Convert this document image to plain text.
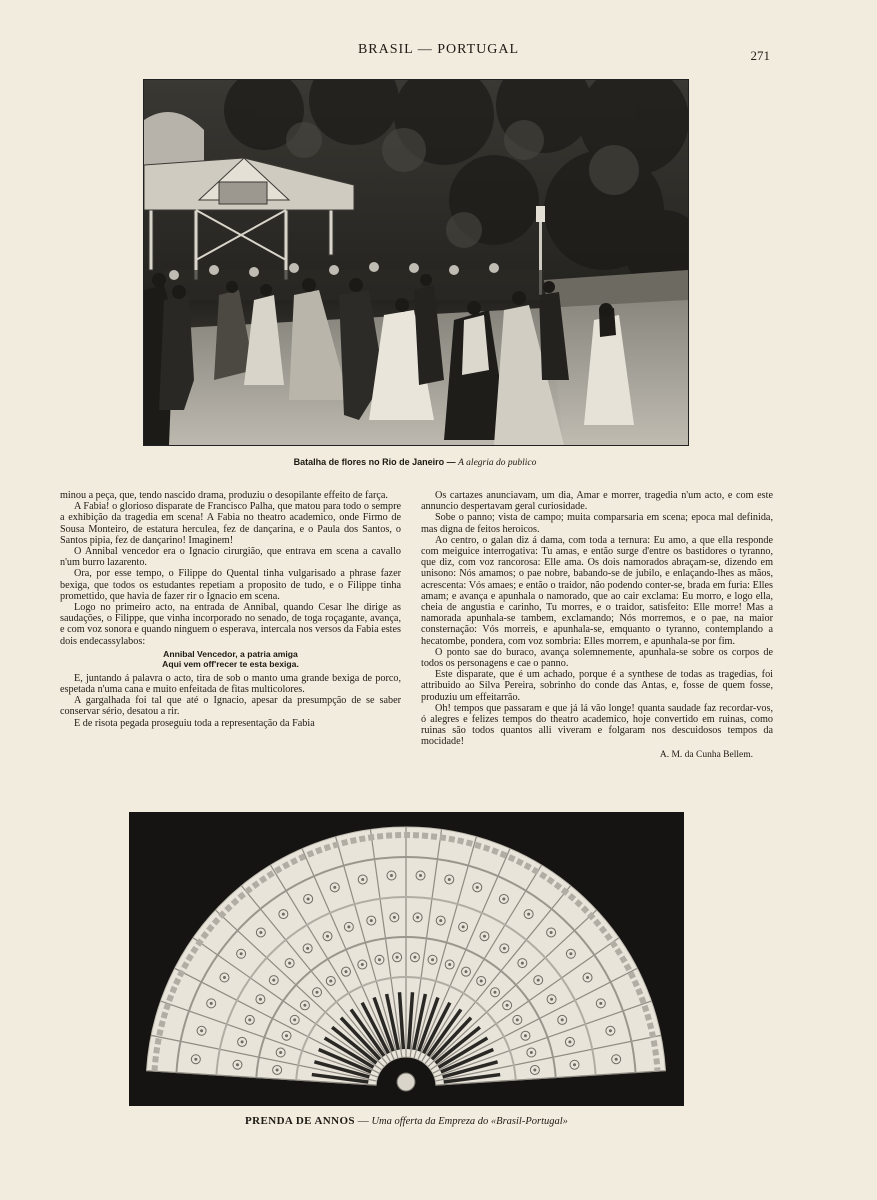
BRASIL — PORTUGAL	271
Batalha de flores no Rio de Janeiro — A alegria do publico

minou a peça, que, tendo nascido drama, produziu o desopilante effeito de farça.

A Fabia! o glorioso disparate de Francisco Palha, que matou para todo o sempre a exhibição da tragedia em scena! A Fabia no theatro academico, onde Firmo de Sousa Monteiro, de estatura herculea, fez de dançarina, e o Paula dos Santos, o Santos pipia, fez de dançarino! Imaginem!

O Annibal vencedor era o Ignacio cirurgião, que entrava em scena a cavallo n'um burro lazarento.

Ora, por esse tempo, o Filippe do Quental tinha vulgarisado a phrase fazer bexiga, que todos os estudantes repetiam a proposito de tudo, e o Filippe tinha promettido, que havia de fazer rir o Ignacio em scena.

Logo no primeiro acto, na entrada de Annibal, quando Cesar lhe dirige as saudações, o Filippe, que vinha incorporado no senado, de toga roçagante, avança, e com voz sonora e quando ninguem o esperava, intercala nos versos da Fabia estes dois endecassylabos:

Annibal Vencedor, a patria amiga
Aqui vem off'recer te esta bexiga.

E, juntando á palavra o acto, tira de sob o manto uma grande bexiga de porco, espetada n'uma cana e muito enfeitada de fitas multicolores.

A gargalhada foi tal que até o Ignacio, apesar da presumpção de se saber conservar sério, desatou a rir.

E de risota pegada proseguiu toda a representação da Fabia

Os cartazes anunciavam, um dia, Amar e morrer, tragedia n'um acto, e com este annuncio despertavam geral curiosidade.

Sobe o panno; vista de campo; muita comparsaria em scena; epoca mal definida, mas digna de feitos heroicos.

Ao centro, o galan diz á dama, com toda a ternura: Eu amo, a que ella responde com meiguice interrogativa: Tu amas, e então surge d'entre os bastidores o tyranno, que diz, com voz rancorosa: Elle ama. Os dois namorados abraçam-se, dizendo em unisono: Nós amamos; o pae nobre, babando-se de jubilo, e enlaçando-lhes as mãos, acrescenta: Vós amaes; e então o traidor, não podendo conter-se, brada em furia: Elles amam; e avança e apunhala o namorado, que ao cair exclama: Eu morro, e logo ella, cheia de angustia e carinho, Tu morres, e o traidor, satisfeito: Elle morre! Mas a namorada apunhala-se tambem, exclamando; Nós morremos, e o pae, na maior consternação: Vós morreis, e apunhala-se, emquanto o tyranno, contemplando a hecatombe, pondera, com voz sombria: Elles morrem, e apunhala-se por fim.

O ponto sae do buraco, avança solemnemente, apunhala-se sobre os corpos de todos os personagens e cae o panno.

Este disparate, que é um achado, porque é a synthese de todas as tragedias, foi attribuido ao Silva Pereira, sobrinho do conde das Antas, e, fosse de quem fosse, produziu um effeitarrão.

Oh! tempos que passaram e que já lá vão longe! quanta saudade faz recordar-vos, ó alegres e felizes tempos do theatro academico, hoje convertido em ruinas, como ruinas são todos quantos alli viveram e folgaram nos descuidosos tempos da mocidade!

A. M. da Cunha Bellem.
PRENDA DE ANNOS — Uma offerta da Empreza do «Brasil-Portugal»
